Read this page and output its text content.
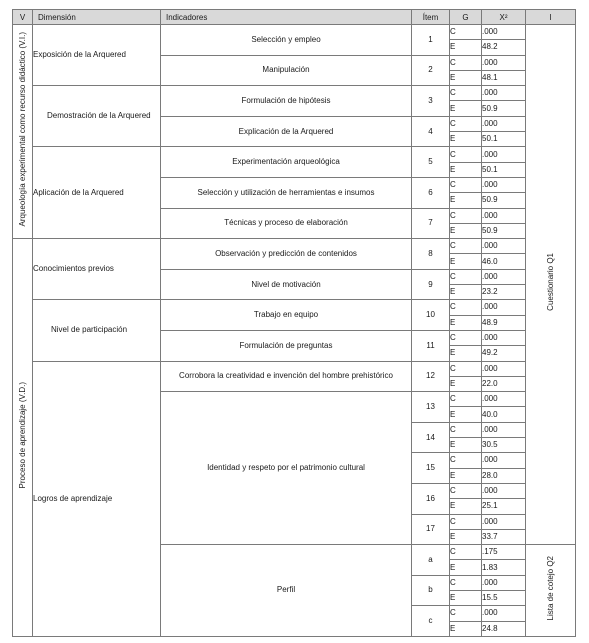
V	Dimensión	Indicadores	Ítem	G	X²	I
Arqueología experimental como recurso didáctico (V.I.)	Exposición de la Arquered	Selección y empleo	1	C	.000	Cuestionario Q1
				E	48.2	
		Manipulación	2	C	.000	
				E	48.1	
	Demostración de la Arquered	Formulación de hipótesis	3	C	.000	
				E	50.9	
		Explicación de la Arquered	4	C	.000	
				E	50.1	
	Aplicación de la Arquered	Experimentación arqueológica	5	C	.000	
				E	50.1	
		Selección y utilización de herramientas e insumos	6	C	.000	
				E	50.9	
		Técnicas y proceso de elaboración	7	C	.000	
				E	50.9	
Proceso de aprendizaje (V.D.)	Conocimientos previos	Observación y predicción de contenidos	8	C	.000	
				E	46.0	
		Nivel de motivación	9	C	.000	
				E	23.2	
	Nivel de participación	Trabajo en equipo	10	C	.000	
				E	48.9	
		Formulación de preguntas	11	C	.000	
				E	49.2	
	Logros de aprendizaje	Corrobora la creatividad e invención del hombre prehistórico	12	C	.000	
				E	22.0	
		Identidad y respeto por el patrimonio cultural	13	C	.000	
				E	40.0	
			14	C	.000	
				E	30.5	
			15	C	.000	
				E	28.0	
			16	C	.000	
				E	25.1	
			17	C	.000	
				E	33.7	
		Perfil	a	C	.175	Lista de cotejo Q2
				E	1.83	
			b	C	.000	
				E	15.5	
			c	C	.000	
				E	24.8	
